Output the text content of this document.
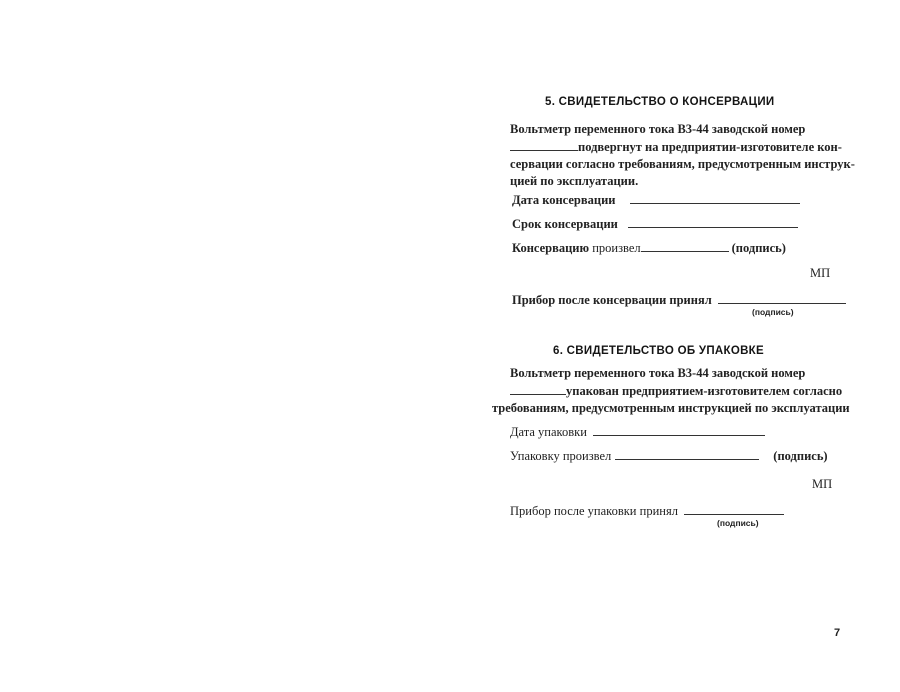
5. СВИДЕТЕЛЬСТВО О КОНСЕРВАЦИИ
Вольтметр переменного тока В3-44 заводской номер
подвергнут на предприятии-изготовителе кон-
сервации согласно требованиям, предусмотренным инструк-
цией по эксплуатации.
Дата консервации
Срок консервации
Консервацию произвел	(подпись)
МП
Прибор после консервации принял
(подпись)
6. СВИДЕТЕЛЬСТВО ОБ УПАКОВКЕ
Вольтметр переменного тока В3-44 заводской номер
упакован предприятием-изготовителем согласно
требованиям, предусмотренным инструкцией по эксплуатации
Дата упаковки
Упаковку произвел	(подпись)
МП
Прибор после упаковки принял
(подпись)
7
